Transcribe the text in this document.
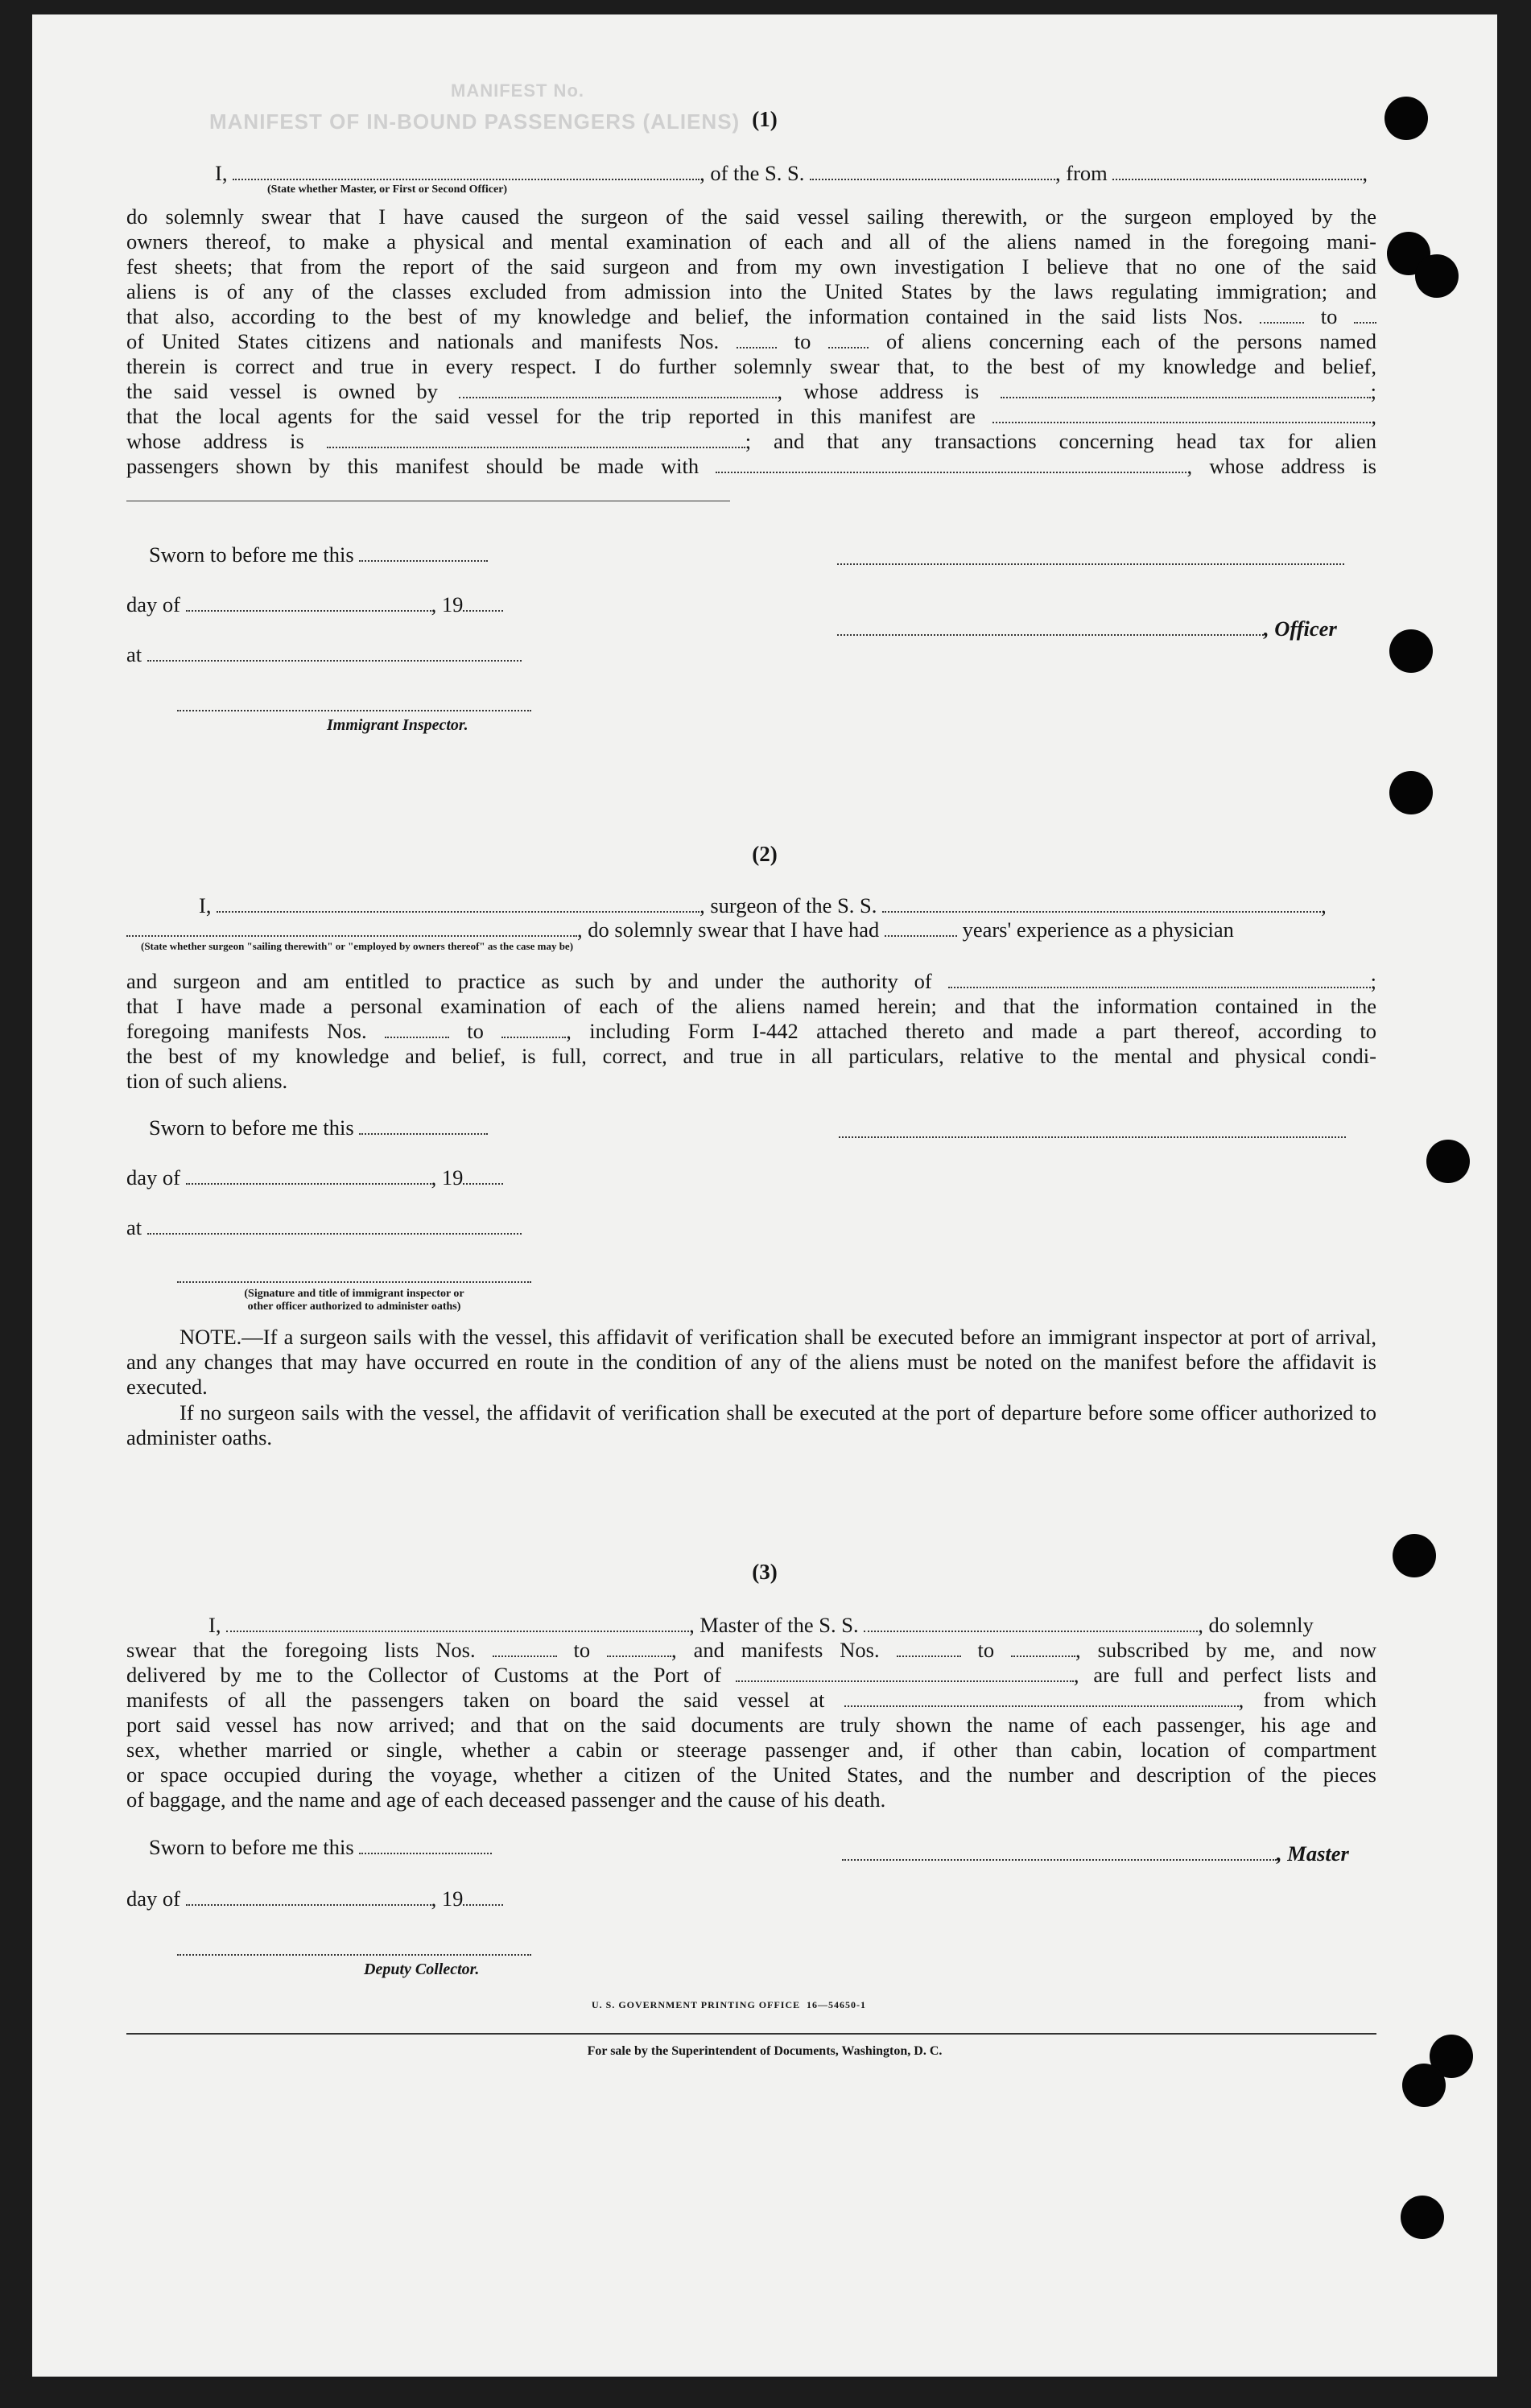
MANIFEST OF IN-BOUND PASSENGERS (ALIENS)
MANIFEST No.
(1)
I,	, of the S. S.	, from	,
(State whether Master, or First or Second Officer)
do solemnly swear that I have caused the surgeon of the said vessel sailing therewith, or the surgeon employed by the
owners thereof, to make a physical and mental examination of each and all of the aliens named in the foregoing mani-
fest sheets; that from the report of the said surgeon and from my own investigation I believe that no one of the said
aliens is of any of the classes excluded from admission into the United States by the laws regulating immigration; and
that also, according to the best of my knowledge and belief, the information contained in the said lists Nos.	to
of United States citizens and nationals and manifests Nos.	to	of aliens concerning each of the persons named
therein is correct and true in every respect. I do further solemnly swear that, to the best of my knowledge and belief,
the said vessel is owned by	, whose address is	;
that the local agents for the said vessel for the trip reported in this manifest are	,
whose address is	; and that any transactions concerning head tax for alien
passengers shown by this manifest should be made with	, whose address is
Sworn to before me this
day of	, 19
, Officer
at
Immigrant Inspector.
(2)
I,	, surgeon of the S. S.	,
, do solemnly swear that I have had	years' experience as a physician
(State whether surgeon "sailing therewith" or "employed by owners thereof" as the case may be)
and surgeon and am entitled to practice as such by and under the authority of	;
that I have made a personal examination of each of the aliens named herein; and that the information contained in the
foregoing manifests Nos.	to	, including Form I-442 attached thereto and made a part thereof, according to
the best of my knowledge and belief, is full, correct, and true in all particulars, relative to the mental and physical condi-
tion of such aliens.
Sworn to before me this
day of	, 19
at
(Signature and title of immigrant inspector or
other officer authorized to administer oaths)
NOTE.—If a surgeon sails with the vessel, this affidavit of verification shall be executed before an immigrant inspector at port of arrival, and any changes that may have occurred en route in the condition of any of the aliens must be noted on the manifest before the affidavit is executed.
If no surgeon sails with the vessel, the affidavit of verification shall be executed at the port of departure before some officer authorized to administer oaths.
(3)
I,	, Master of the S. S.	, do solemnly
swear that the foregoing lists Nos.	to	, and manifests Nos.	to	, subscribed by me, and now
delivered by me to the Collector of Customs at the Port of	, are full and perfect lists and
manifests of all the passengers taken on board the said vessel at	, from which
port said vessel has now arrived; and that on the said documents are truly shown the name of each passenger, his age and
sex, whether married or single, whether a cabin or steerage passenger and, if other than cabin, location of compartment
or space occupied during the voyage, whether a citizen of the United States, and the number and description of the pieces
of baggage, and the name and age of each deceased passenger and the cause of his death.
Sworn to before me this	, Master
day of	, 19
Deputy Collector.
U. S. GOVERNMENT PRINTING OFFICE 16—54650-1
For sale by the Superintendent of Documents, Washington, D. C.
